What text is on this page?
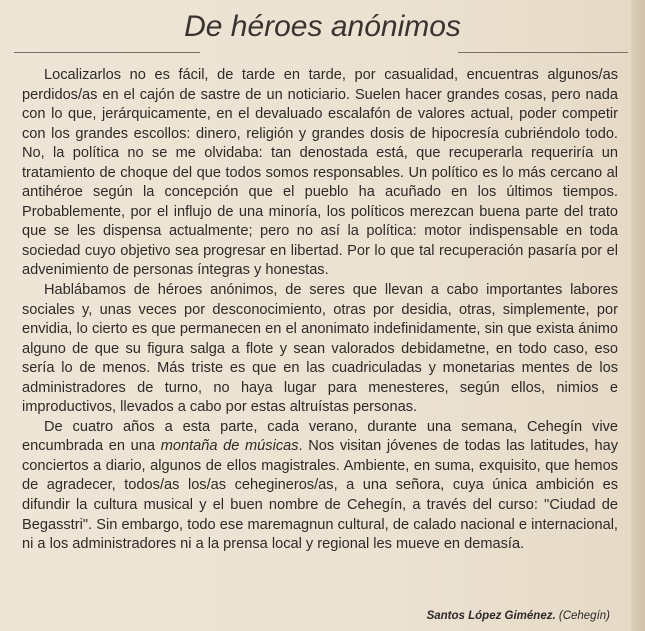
De héroes anónimos

Localizarlos no es fácil, de tarde en tarde, por casualidad, encuentras algunos/as perdidos/as en el cajón de sastre de un noticiario. Suelen hacer grandes cosas, pero nada con lo que, jerárquicamente, en el devaluado escalafón de valores actual, poder competir con los grandes escollos: dinero, religión y grandes dosis de hipocresía cubriéndolo todo. No, la política no se me olvidaba: tan denostada está, que recuperarla requeriría un tratamiento de choque del que todos somos responsables. Un político es lo más cercano al antihéroe según la concepción que el pueblo ha acuñado en los últimos tiempos. Probablemente, por el influjo de una minoría, los políticos merezcan buena parte del trato que se les dispensa actualmente; pero no así la política: motor indispensable en toda sociedad cuyo objetivo sea progresar en libertad. Por lo que tal recuperación pasaría por el advenimiento de personas íntegras y honestas.

Hablábamos de héroes anónimos, de seres que llevan a cabo importantes labores sociales y, unas veces por desconocimiento, otras por desidia, otras, simplemente, por envidia, lo cierto es que permanecen en el anonimato indefinidamente, sin que exista ánimo alguno de que su figura salga a flote y sean valorados debidametne, en todo caso, eso sería lo de menos. Más triste es que en las cuadriculadas y monetarias mentes de los administradores de turno, no haya lugar para menesteres, según ellos, nimios e improductivos, llevados a cabo por estas altruístas personas.

De cuatro años a esta parte, cada verano, durante una semana, Cehegín vive encumbrada en una montaña de músicas. Nos visitan jóvenes de todas las latitudes, hay conciertos a diario, algunos de ellos magistrales. Ambiente, en suma, exquisito, que hemos de agradecer, todos/as los/as cehegineros/as, a una señora, cuya única ambición es difundir la cultura musical y el buen nombre de Cehegín, a través del curso: "Ciudad de Begasstri". Sin embargo, todo ese maremagnun cultural, de calado nacional e internacional, ni a los administradores ni a la prensa local y regional les mueve en demasía.

Santos López Giménez. (Cehegín)
